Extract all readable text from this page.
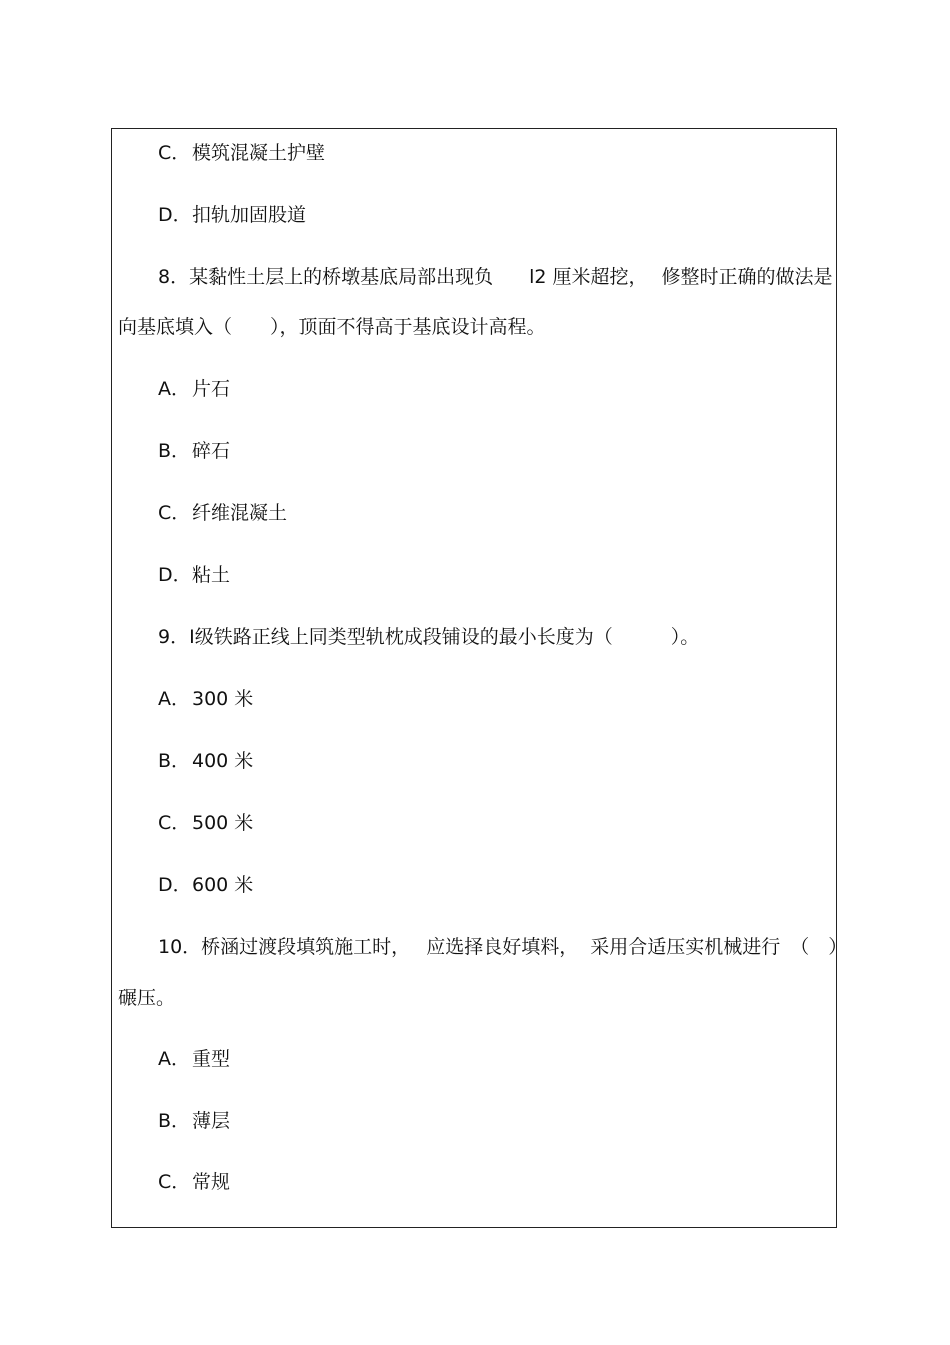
C．模筑混凝土护壁
D．扣轨加固股道
8．某黏性土层上的桥墩基底局部出现负 l2 厘米超挖， 修整时正确的做法是
向基底填入（　　），顶面不得高于基底设计高程。
A． 片石
B． 碎石
C．纤维混凝土
D．粘土
9．Ⅰ级铁路正线上同类型轨枕成段铺设的最小长度为（	）。
A． 300 米
B． 400 米
C．500 米
D．600 米
10．桥涵过渡段填筑施工时， 应选择良好填料， 采用合适压实机械进行 （　）
碾压。
A． 重型
B． 薄层
C．常规
